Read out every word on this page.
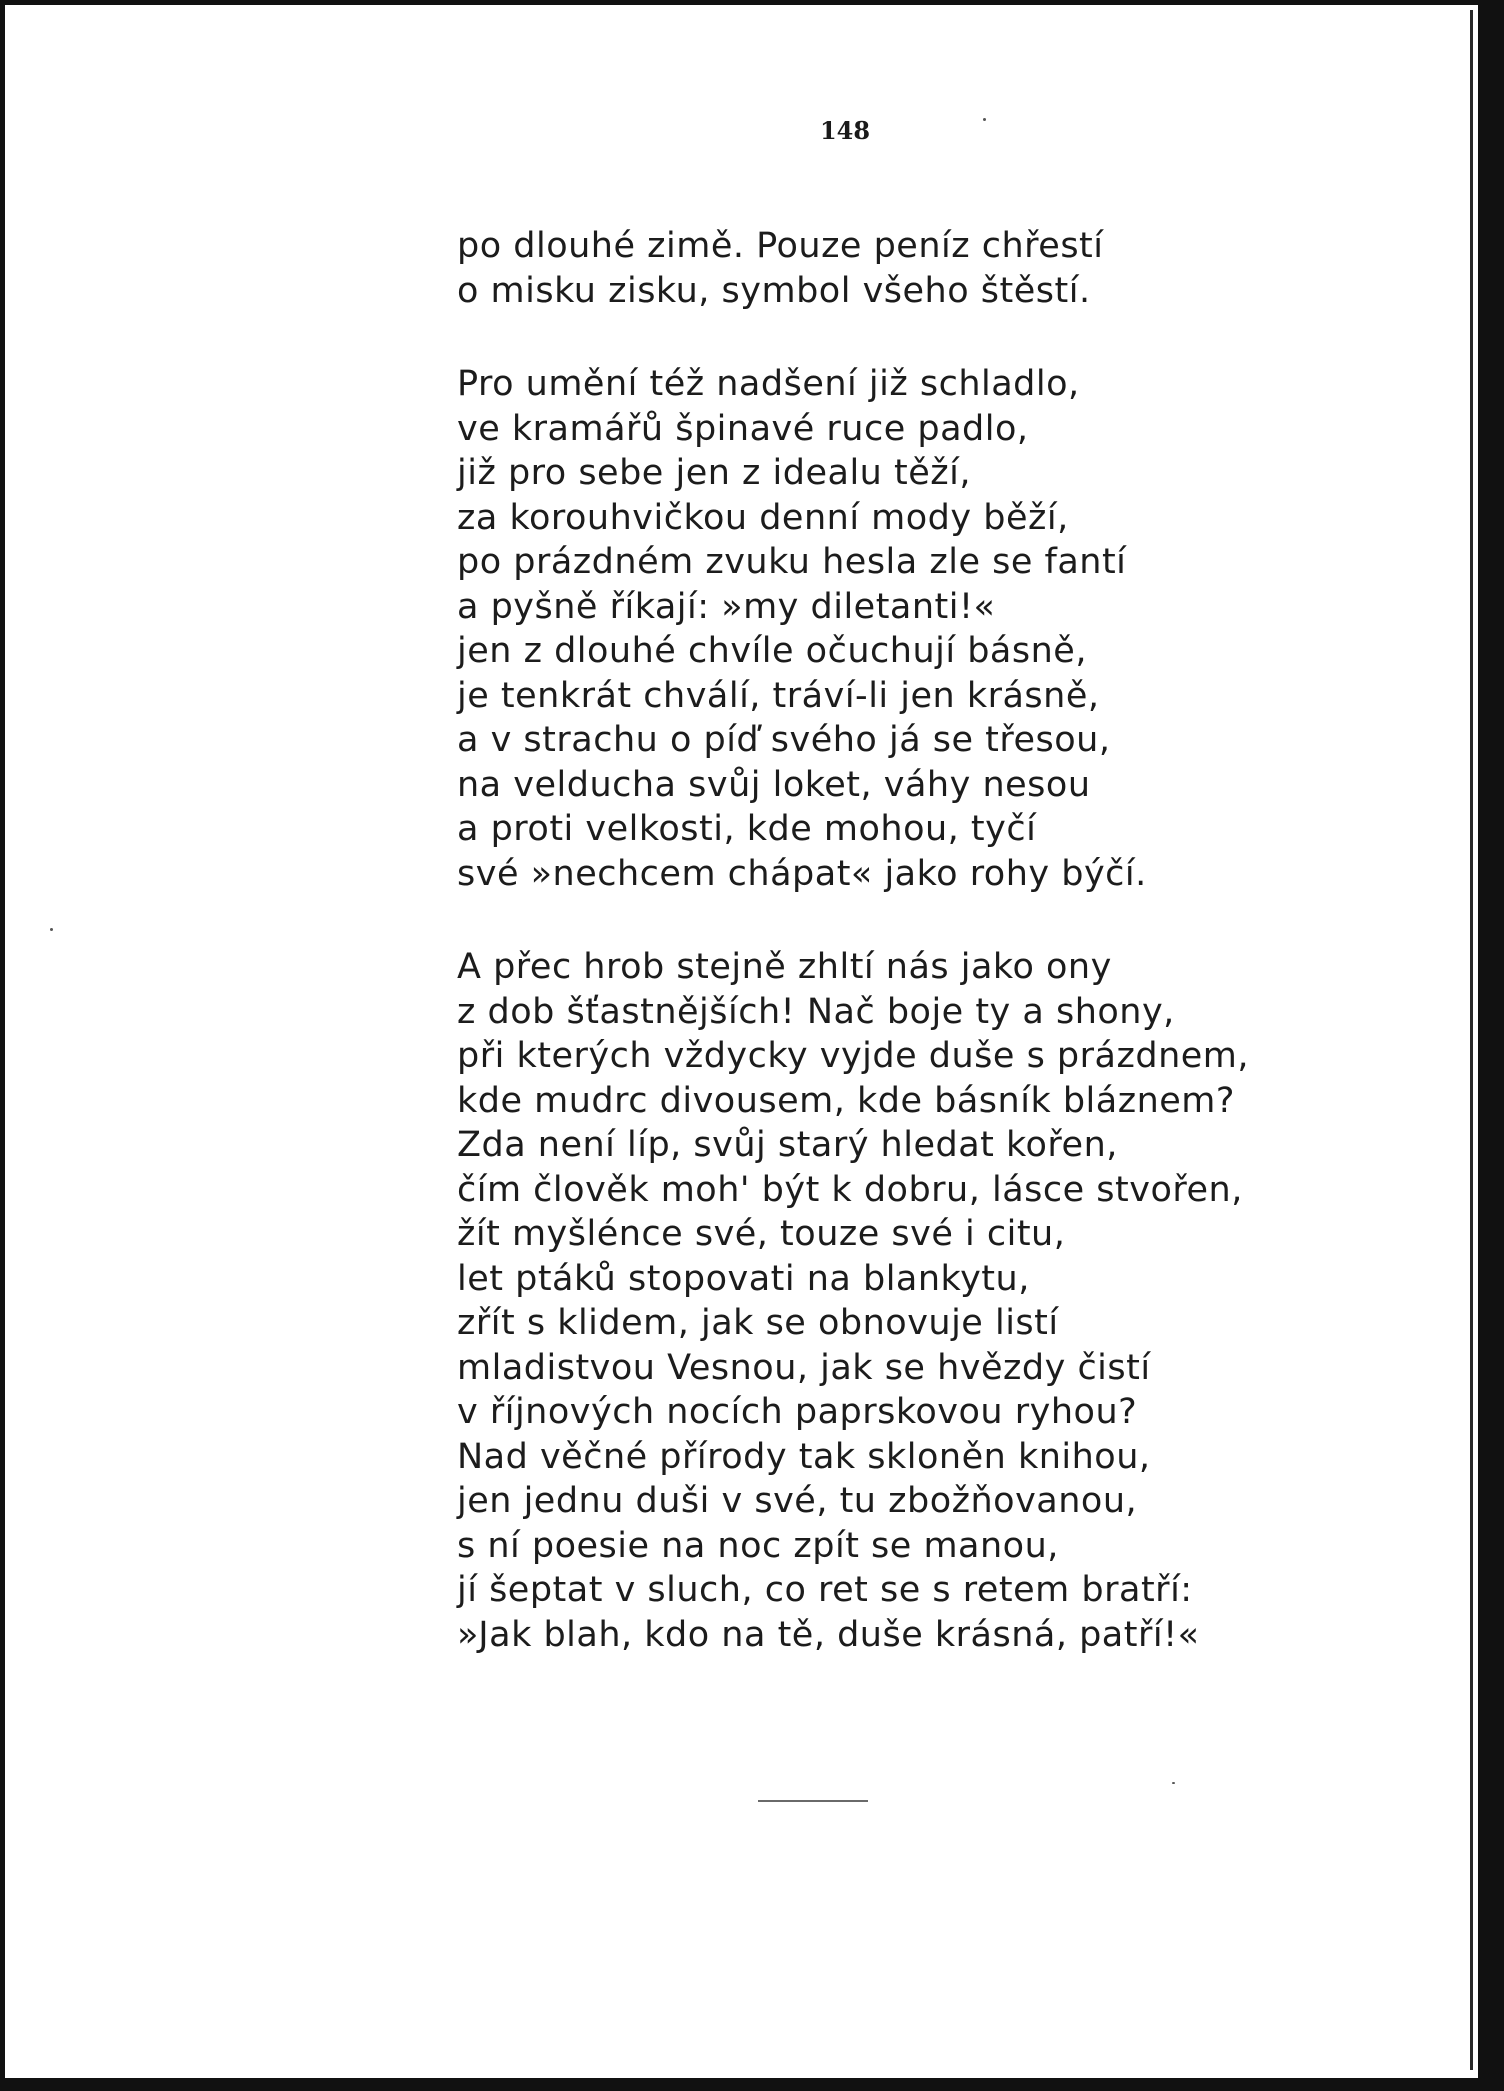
148
po dlouhé zimě. Pouze peníz chřestí
o misku zisku, symbol všeho štěstí.
Pro umění též nadšení již schladlo,
ve kramářů špinavé ruce padlo,
již pro sebe jen z idealu těží,
za korouhvičkou denní mody běží,
po prázdném zvuku hesla zle se fantí
a pyšně říkají: »my diletanti!«
jen z dlouhé chvíle očuchují básně,
je tenkrát chválí, tráví-li jen krásně,
a v strachu o píď svého já se třesou,
na velducha svůj loket, váhy nesou
a proti velkosti, kde mohou, tyčí
své »nechcem chápat« jako rohy býčí.
A přec hrob stejně zhltí nás jako ony
z dob šťastnějších! Nač boje ty a shony,
při kterých vždycky vyjde duše s prázdnem,
kde mudrc divousem, kde básník bláznem?
Zda není líp, svůj starý hledat kořen,
čím člověk moh' být k dobru, lásce stvořen,
žít myšlénce své, touze své i citu,
let ptáků stopovati na blankytu,
zřít s klidem, jak se obnovuje listí
mladistvou Vesnou, jak se hvězdy čistí
v říjnových nocích paprskovou ryhou?
Nad věčné přírody tak skloněn knihou,
jen jednu duši v své, tu zbožňovanou,
s ní poesie na noc zpít se manou,
jí šeptat v sluch, co ret se s retem bratří:
»Jak blah, kdo na tě, duše krásná, patří!«
